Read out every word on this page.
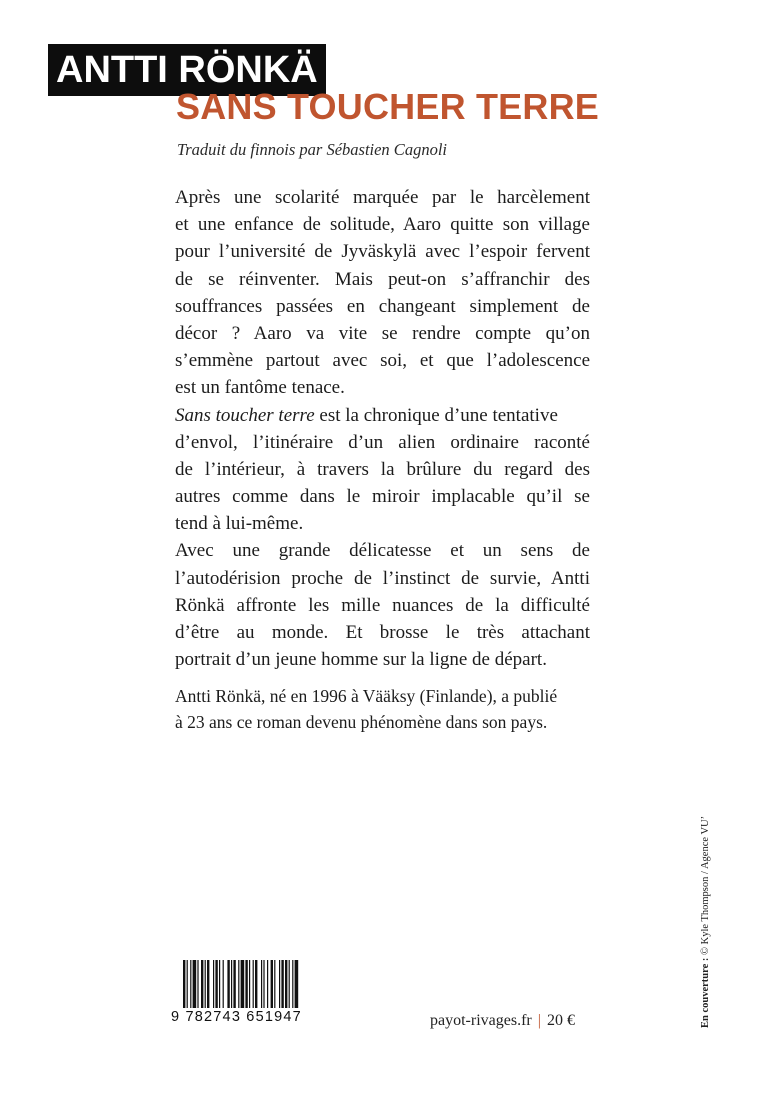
ANTTI RÖNKÄ
SANS TOUCHER TERRE
Traduit du finnois par Sébastien Cagnoli
Après une scolarité marquée par le harcèlement
et une enfance de solitude, Aaro quitte son village
pour l’université de Jyväskylä avec l’espoir fervent
de se réinventer. Mais peut-on s’affranchir des
souffrances passées en changeant simplement de
décor ? Aaro va vite se rendre compte qu’on
s’emmène partout avec soi, et que l’adolescence
est un fantôme tenace.
Sans toucher terre est la chronique d’une tentative
d’envol, l’itinéraire d’un alien ordinaire raconté
de l’intérieur, à travers la brûlure du regard des
autres comme dans le miroir implacable qu’il se
tend à lui-même.
Avec une grande délicatesse et un sens de
l’autodérision proche de l’instinct de survie, Antti
Rönkä affronte les mille nuances de la difficulté
d’être au monde. Et brosse le très attachant
portrait d’un jeune homme sur la ligne de départ.
Antti Rönkä, né en 1996 à Vääksy (Finlande), a publié
à 23 ans ce roman devenu phénomène dans son pays.
9 782743 651947	payot-rivages.fr | 20 €	En couverture : © Kyle Thompson / Agence VU’
